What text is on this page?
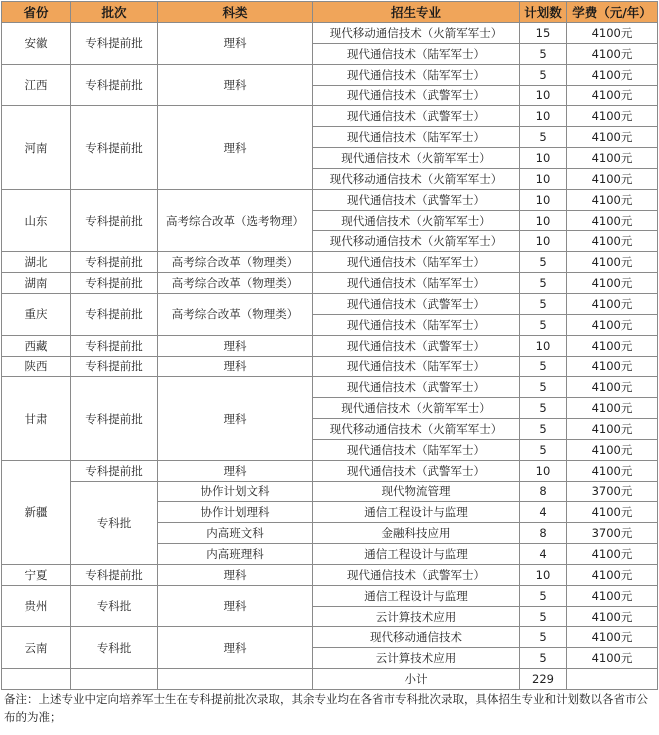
省份	批次	科类	招生专业	计划数	学费（元/年）
安徽	专科提前批	理科	现代移动通信技术（火箭军军士）	15	4100元
			现代通信技术（陆军军士）	5	4100元
江西	专科提前批	理科	现代通信技术（陆军军士）	5	4100元
			现代通信技术（武警军士）	10	4100元
河南	专科提前批	理科	现代通信技术（武警军士）	10	4100元
			现代通信技术（陆军军士）	5	4100元
			现代通信技术（火箭军军士）	10	4100元
			现代移动通信技术（火箭军军士）	10	4100元
山东	专科提前批	高考综合改革（选考物理）	现代通信技术（武警军士）	10	4100元
			现代通信技术（火箭军军士）	10	4100元
			现代移动通信技术（火箭军军士）	10	4100元
湖北	专科提前批	高考综合改革（物理类）	现代通信技术（陆军军士）	5	4100元
湖南	专科提前批	高考综合改革（物理类）	现代通信技术（陆军军士）	5	4100元
重庆	专科提前批	高考综合改革（物理类）	现代通信技术（武警军士）	5	4100元
			现代通信技术（陆军军士）	5	4100元
西藏	专科提前批	理科	现代通信技术（武警军士）	10	4100元
陕西	专科提前批	理科	现代通信技术（陆军军士）	5	4100元
甘肃	专科提前批	理科	现代通信技术（武警军士）	5	4100元
			现代通信技术（火箭军军士）	5	4100元
			现代移动通信技术（火箭军军士）	5	4100元
			现代通信技术（陆军军士）	5	4100元
新疆	专科提前批	理科	现代通信技术（武警军士）	10	4100元
	专科批	协作计划文科	现代物流管理	8	3700元
		协作计划理科	通信工程设计与监理	4	4100元
		内高班文科	金融科技应用	8	3700元
		内高班理科	通信工程设计与监理	4	4100元
宁夏	专科提前批	理科	现代通信技术（武警军士）	10	4100元
贵州	专科批	理科	通信工程设计与监理	5	4100元
			云计算技术应用	5	4100元
云南	专科批	理科	现代移动通信技术	5	4100元
			云计算技术应用	5	4100元
			小计	229	
备注：上述专业中定向培养军士生在专科提前批次录取，其余专业均在各省市专科批次录取，具体招生专业和计划数以各省市公布的为准；
